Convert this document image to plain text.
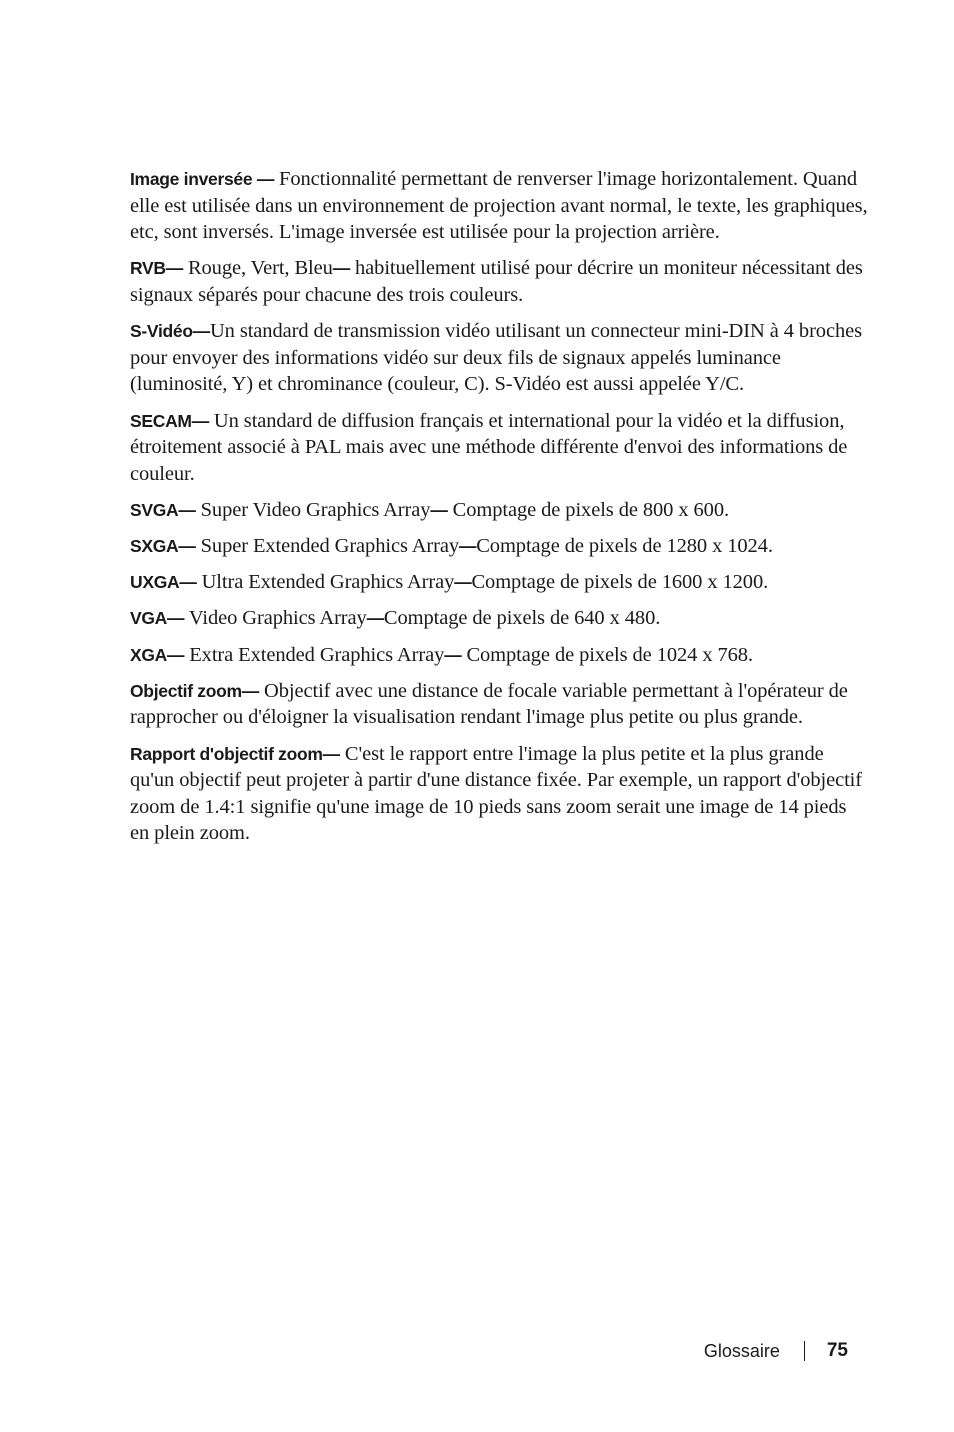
Image inversée — Fonctionnalité permettant de renverser l'image horizontalement. Quand elle est utilisée dans un environnement de projection avant normal, le texte, les graphiques, etc, sont inversés. L'image inversée est utilisée pour la projection arrière.

RVB— Rouge, Vert, Bleu— habituellement utilisé pour décrire un moniteur nécessitant des signaux séparés pour chacune des trois couleurs.

S-Vidéo—Un standard de transmission vidéo utilisant un connecteur mini-DIN à 4 broches pour envoyer des informations vidéo sur deux fils de signaux appelés luminance (luminosité, Y) et chrominance (couleur, C). S-Vidéo est aussi appelée Y/C.

SECAM— Un standard de diffusion français et international pour la vidéo et la diffusion, étroitement associé à PAL mais avec une méthode différente d'envoi des informations de couleur.

SVGA— Super Video Graphics Array— Comptage de pixels de 800 x 600.

SXGA— Super Extended Graphics Array—Comptage de pixels de 1280 x 1024.

UXGA— Ultra Extended Graphics Array—Comptage de pixels de 1600 x 1200.

VGA— Video Graphics Array—Comptage de pixels de 640 x 480.

XGA— Extra Extended Graphics Array— Comptage de pixels de 1024 x 768.

Objectif zoom— Objectif avec une distance de focale variable permettant à l'opérateur de rapprocher ou d'éloigner la visualisation rendant l'image plus petite ou plus grande.

Rapport d'objectif zoom— C'est le rapport entre l'image la plus petite et la plus grande qu'un objectif peut projeter à partir d'une distance fixée. Par exemple, un rapport d'objectif zoom de 1.4:1 signifie qu'une image de 10 pieds sans zoom serait une image de 14 pieds en plein zoom.

Glossaire 75
